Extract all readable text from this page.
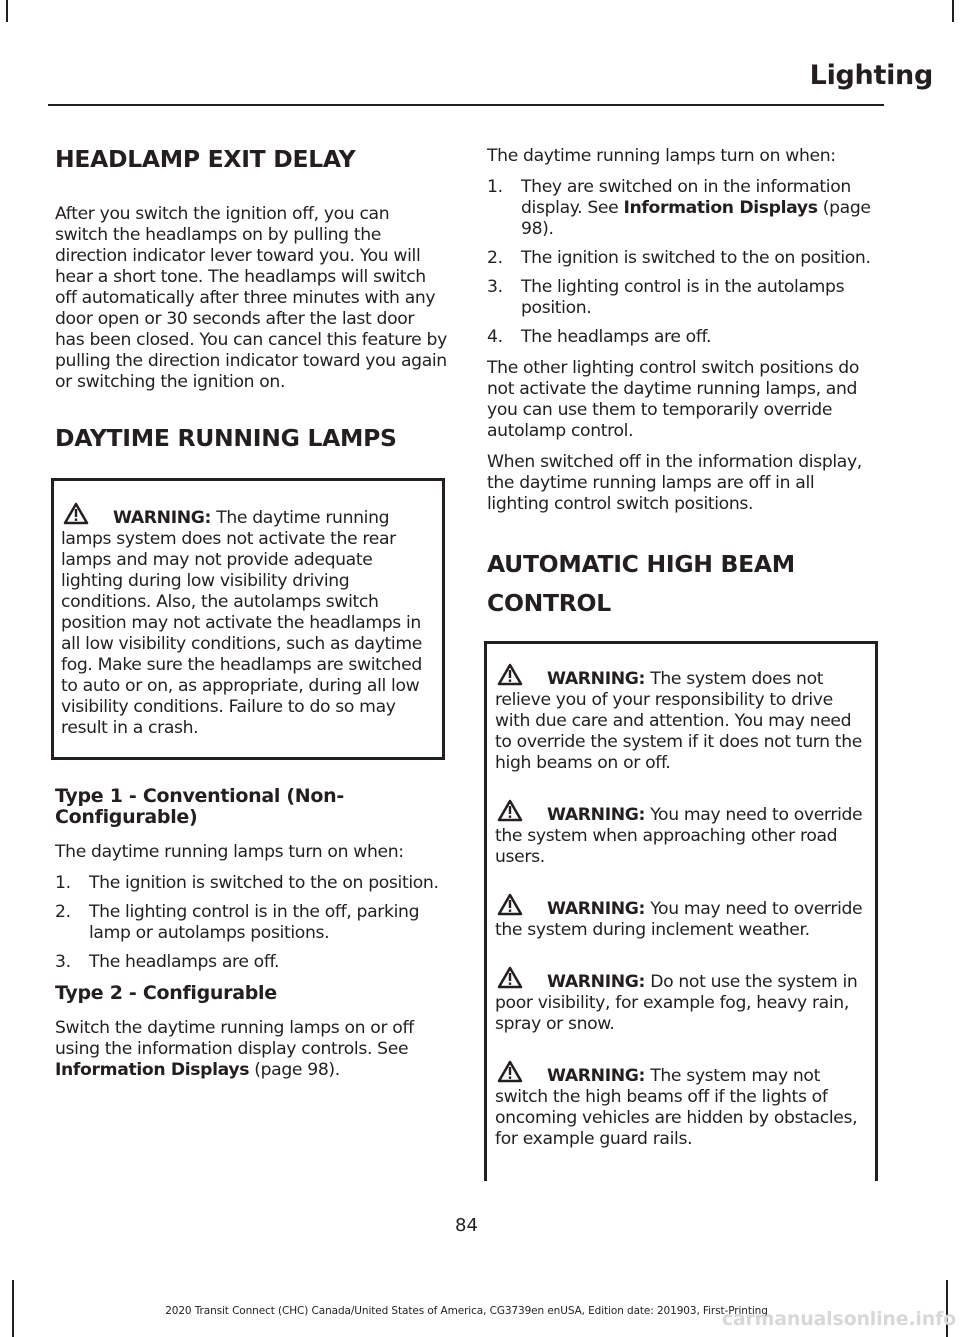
Lighting
HEADLAMP EXIT DELAY

After you switch the ignition off, you can switch the headlamps on by pulling the direction indicator lever toward you. You will hear a short tone. The headlamps will switch off automatically after three minutes with any door open or 30 seconds after the last door has been closed. You can cancel this feature by pulling the direction indicator toward you again or switching the ignition on.

DAYTIME RUNNING LAMPS
WARNING: The daytime running lamps system does not activate the rear lamps and may not provide adequate lighting during low visibility driving conditions. Also, the autolamps switch position may not activate the headlamps in all low visibility conditions, such as daytime fog. Make sure the headlamps are switched to auto or on, as appropriate, during all low visibility conditions. Failure to do so may result in a crash.
Type 1 - Conventional (Non-Configurable)

The daytime running lamps turn on when:

1. The ignition is switched to the on position.
2. The lighting control is in the off, parking lamp or autolamps positions.
3. The headlamps are off.
Type 2 - Configurable

Switch the daytime running lamps on or off using the information display controls. See Information Displays (page 98).

The daytime running lamps turn on when:

1. They are switched on in the information display. See Information Displays (page 98).
2. The ignition is switched to the on position.
3. The lighting control is in the autolamps position.
4. The headlamps are off.

The other lighting control switch positions do not activate the daytime running lamps, and you can use them to temporarily override autolamp control.

When switched off in the information display, the daytime running lamps are off in all lighting control switch positions.

AUTOMATIC HIGH BEAM CONTROL
WARNING: The system does not relieve you of your responsibility to drive with due care and attention. You may need to override the system if it does not turn the high beams on or off.
WARNING: You may need to override the system when approaching other road users.
WARNING: You may need to override the system during inclement weather.
WARNING: Do not use the system in poor visibility, for example fog, heavy rain, spray or snow.
WARNING: The system may not switch the high beams off if the lights of oncoming vehicles are hidden by obstacles, for example guard rails.
84
2020 Transit Connect (CHC) Canada/United States of America, CG3739en enUSA, Edition date: 201903, First-Printing
carmanualsonline.info
